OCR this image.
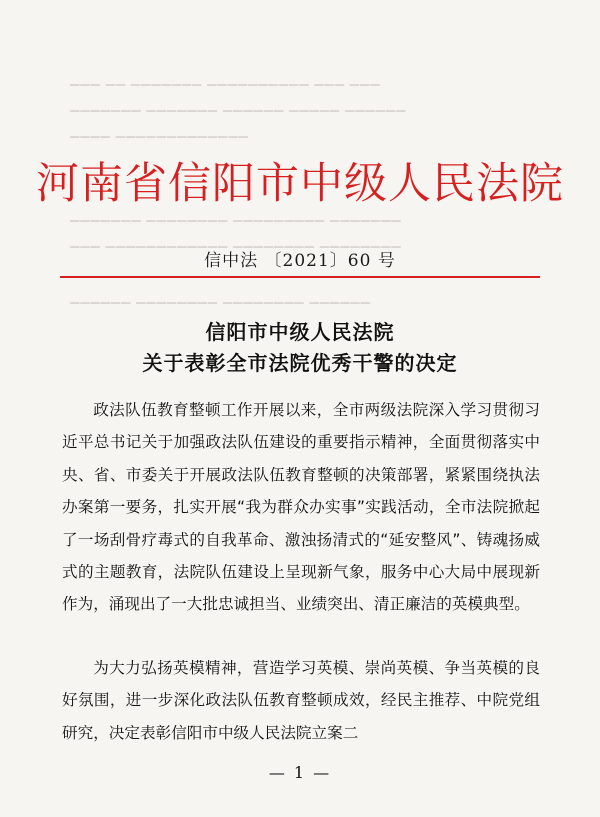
▁▁▁ ▁▁ ▁▁▁▁▁▁▁ ▁▁▁▁▁▁▁▁▁▁ ▁▁▁ ▁▁▁
▁▁▁▁▁▁▁ ▁▁▁▁▁▁▁ ▁▁▁▁▁▁ ▁▁▁▁▁ ▁▁▁▁▁▁
▁▁▁▁ ▁▁▁▁▁▁▁▁▁▁▁▁▁
河南省信阳市中级人民法院
▁▁▁▁▁▁▁ ▁▁▁▁▁▁▁▁ ▁▁▁▁▁▁▁▁▁ ▁▁▁▁▁▁▁
▁▁▁ ▁▁▁▁▁▁▁▁▁▁▁▁ ▁▁▁▁▁▁▁▁ ▁▁▁▁▁▁▁▁
信中法 〔2021〕60 号
▁▁▁▁▁▁ ▁▁▁▁▁▁▁▁ ▁▁▁▁▁▁▁▁ ▁▁▁▁▁▁
信阳市中级人民法院
关于表彰全市法院优秀干警的决定
政法队伍教育整顿工作开展以来，全市两级法院深入学习贯彻习近平总书记关于加强政法队伍建设的重要指示精神，全面贯彻落实中央、省、市委关于开展政法队伍教育整顿的决策部署，紧紧围绕执法办案第一要务，扎实开展“我为群众办实事”实践活动，全市法院掀起了一场刮骨疗毒式的自我革命、激浊扬清式的“延安整风”、铸魂扬威式的主题教育，法院队伍建设上呈现新气象，服务中心大局中展现新作为，涌现出了一大批忠诚担当、业绩突出、清正廉洁的英模典型。
为大力弘扬英模精神，营造学习英模、崇尚英模、争当英模的良好氛围，进一步深化政法队伍教育整顿成效，经民主推荐、中院党组研究，决定表彰信阳市中级人民法院立案二
— 1 —
